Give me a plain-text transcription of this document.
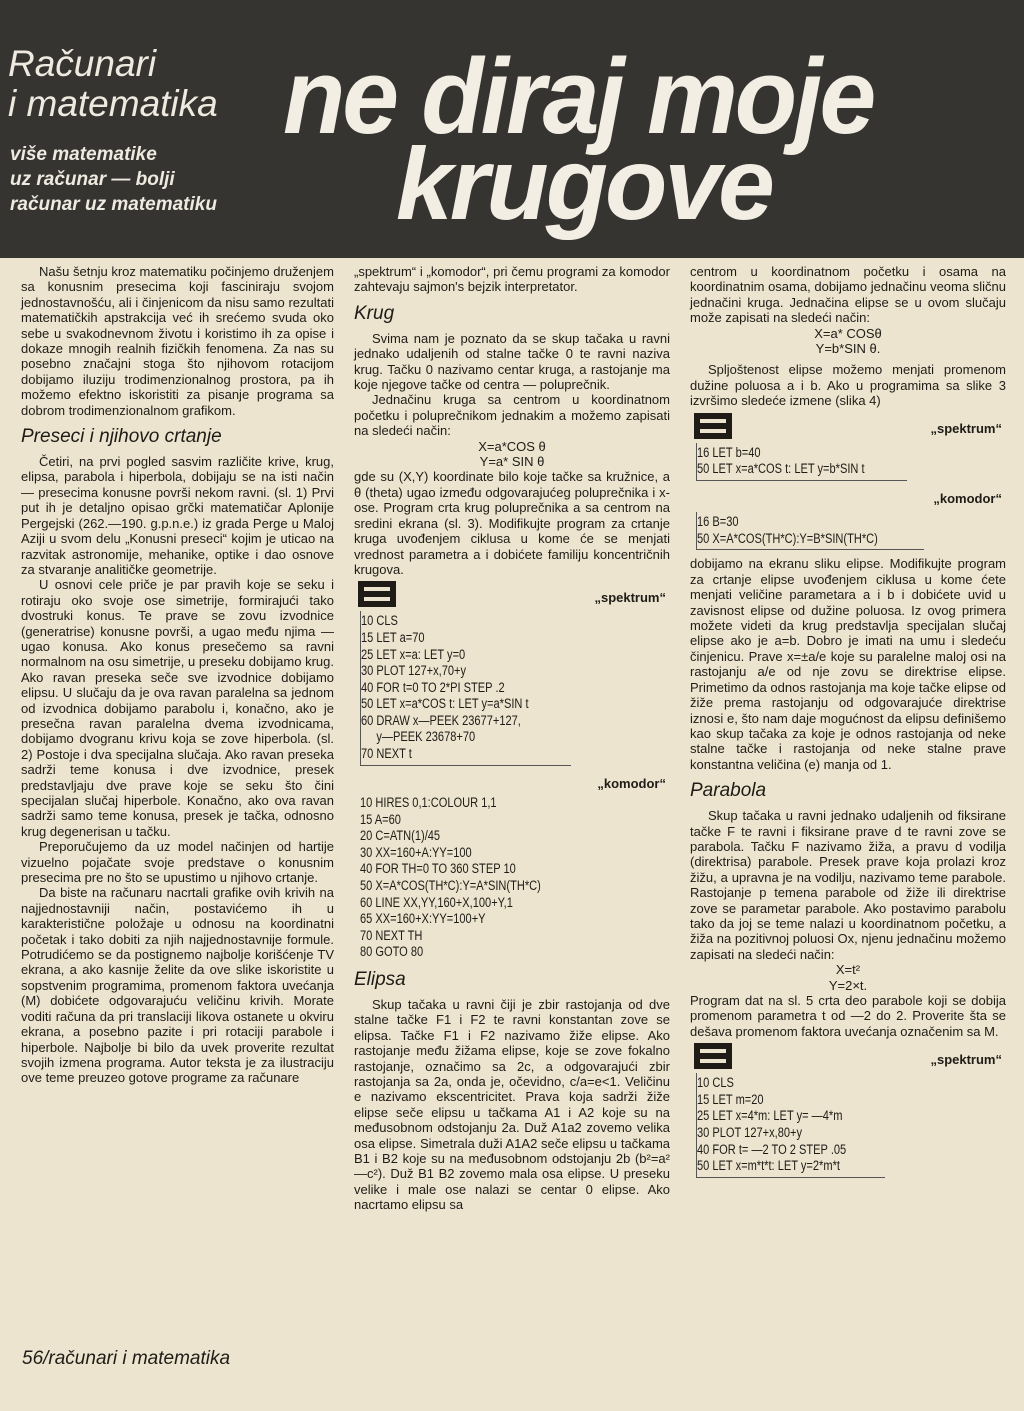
Računari
i matematika
više matematike
uz računar — bolji
računar uz matematiku
ne diraj moje
krugove

Našu šetnju kroz matematiku počinjemo druženjem sa konusnim presecima koji fasciniraju svojom jednostavnošću, ali i činjenicom da nisu samo rezultati matematičkih apstrakcija već ih srećemo svuda oko sebe u svakodnevnom životu i koristimo ih za opise i dokaze mnogih realnih fizičkih fenomena. Za nas su posebno značajni stoga što njihovom rotacijom dobijamo iluziju trodimenzionalnog prostora, pa ih možemo efektno iskoristiti za pisanje programa sa dobrom trodimenzionalnom grafikom.

Preseci i njihovo crtanje

Četiri, na prvi pogled sasvim različite krive, krug, elipsa, parabola i hiperbola, dobijaju se na isti način — presecima konusne površi nekom ravni. (sl. 1) Prvi put ih je detaljno opisao grčki matematičar Aplonije Pergejski (262.—190. g.p.n.e.) iz grada Perge u Maloj Aziji u svom delu „Konusni preseci“ kojim je uticao na razvitak astronomije, mehanike, optike i dao osnove za stvaranje analitičke geometrije.

U osnovi cele priče je par pravih koje se seku i rotiraju oko svoje ose simetrije, formirajući tako dvostruki konus. Te prave se zovu izvodnice (generatrise) konusne površi, a ugao među njima — ugao konusa. Ako konus presečemo sa ravni normalnom na osu simetrije, u preseku dobijamo krug. Ako ravan preseka seče sve izvodnice dobijamo elipsu. U slučaju da je ova ravan paralelna sa jednom od izvodnica dobijamo parabolu i, konačno, ako je presečna ravan paralelna dvema izvodnicama, dobijamo dvogranu krivu koja se zove hiperbola. (sl. 2) Postoje i dva specijalna slučaja. Ako ravan preseka sadrži teme konusa i dve izvodnice, presek predstavljaju dve prave koje se seku što čini specijalan slučaj hiperbole. Konačno, ako ova ravan sadrži samo teme konusa, presek je tačka, odnosno krug degenerisan u tačku.

Preporučujemo da uz model načinjen od hartije vizuelno pojačate svoje predstave o konusnim presecima pre no što se upustimo u njihovo crtanje.

Da biste na računaru nacrtali grafike ovih krivih na najjednostavniji način, postavićemo ih u karakteristične položaje u odnosu na koordinatni početak i tako dobiti za njih najjednostavnije formule. Potrudićemo se da postignemo najbolje korišćenje TV ekrana, a ako kasnije želite da ove slike iskoristite u sopstvenim programima, promenom faktora uvećanja (M) dobićete odgovarajuću veličinu krivih. Morate voditi računa da pri translaciji likova ostanete u okviru ekrana, a posebno pazite i pri rotaciji parabole i hiperbole. Najbolje bi bilo da uvek proverite rezultat svojih izmena programa. Autor teksta je za ilustraciju ove teme preuzeo gotove programe za računare

„spektrum“ i „komodor“, pri čemu programi za komodor zahtevaju sajmon's bejzik interpretator.

Krug

Svima nam je poznato da se skup tačaka u ravni jednako udaljenih od stalne tačke 0 te ravni naziva krug. Tačku 0 nazivamo centar kruga, a rastojanje ma koje njegove tačke od centra — poluprečnik.

Jednačinu kruga sa centrom u koordinatnom početku i poluprečnikom jednakim a možemo zapisati na sledeći način:

X=a*COS θ

Y=a* SIN θ

gde su (X,Y) koordinate bilo koje tačke sa kružnice, a θ (theta) ugao između odgovarajućeg poluprečnika i x-ose. Program crta krug poluprečnika a sa centrom na sredini ekrana (sl. 3). Modifikujte program za crtanje kruga uvođenjem ciklusa u kome će se menjati vrednost parametra a i dobićete familiju koncentričnih krugova.

„spektrum“
10 CLS
15 LET a=70
25 LET x=a: LET y=0
30 PLOT 127+x,70+y
40 FOR t=0 TO 2*PI STEP .2
50 LET x=a*COS t: LET y=a*SIN t
60 DRAW x—PEEK 23677+127,
y—PEEK 23678+70
70 NEXT t
„komodor“
10 HIRES 0,1:COLOUR 1,1
15 A=60
20 C=ATN(1)/45
30 XX=160+A:YY=100
40 FOR TH=0 TO 360 STEP 10
50 X=A*COS(TH*C):Y=A*SIN(TH*C)
60 LINE XX,YY,160+X,100+Y,1
65 XX=160+X:YY=100+Y
70 NEXT TH
80 GOTO 80
Elipsa

Skup tačaka u ravni čiji je zbir rastojanja od dve stalne tačke F1 i F2 te ravni konstantan zove se elipsa. Tačke F1 i F2 nazivamo žiže elipse. Ako rastojanje među žižama elipse, koje se zove fokalno rastojanje, označimo sa 2c, a odgovarajući zbir rastojanja sa 2a, onda je, očevidno, c/a=e<1. Veličinu e nazivamo ekscentricitet. Prava koja sadrži žiže elipse seče elipsu u tačkama A1 i A2 koje su na međusobnom odstojanju 2a. Duž A1a2 zovemo velika osa elipse. Simetrala duži A1A2 seče elipsu u tačkama B1 i B2 koje su na međusobnom odstojanju 2b (b²=a²—c²). Duž B1 B2 zovemo mala osa elipse. U preseku velike i male ose nalazi se centar 0 elipse. Ako nacrtamo elipsu sa

centrom u koordinatnom početku i osama na koordinatnim osama, dobijamo jednačinu veoma sličnu jednačini kruga. Jednačina elipse se u ovom slučaju može zapisati na sledeći način:

X=a* COSθ

Y=b*SIN θ.

Spljoštenost elipse možemo menjati promenom dužine poluosa a i b. Ako u programima sa slike 3 izvršimo sledeće izmene (slika 4)

„spektrum“
16 LET b=40
50 LET x=a*COS t: LET y=b*SIN t
„komodor“
16 B=30
50 X=A*COS(TH*C):Y=B*SIN(TH*C)

dobijamo na ekranu sliku elipse. Modifikujte program za crtanje elipse uvođenjem ciklusa u kome ćete menjati veličine parametara a i b i dobićete uvid u zavisnost elipse od dužine poluosa. Iz ovog primera možete videti da krug predstavlja specijalan slučaj elipse ako je a=b. Dobro je imati na umu i sledeću činjenicu. Prave x=±a/e koje su paralelne maloj osi na rastojanju a/e od nje zovu se direktrise elipse. Primetimo da odnos rastojanja ma koje tačke elipse od žiže prema rastojanju od odgovarajuće direktrise iznosi e, što nam daje mogućnost da elipsu definišemo kao skup tačaka za koje je odnos rastojanja od neke stalne tačke i rastojanja od neke stalne prave konstantna veličina (e) manja od 1.

Parabola

Skup tačaka u ravni jednako udaljenih od fiksirane tačke F te ravni i fiksirane prave d te ravni zove se parabola. Tačku F nazivamo žiža, a pravu d vodilja (direktrisa) parabole. Presek prave koja prolazi kroz žižu, a upravna je na vodilju, nazivamo teme parabole. Rastojanje p temena parabole od žiže ili direktrise zove se parametar parabole. Ako postavimo parabolu tako da joj se teme nalazi u koordinatnom početku, a žiža na pozitivnoj poluosi Ox, njenu jednačinu možemo zapisati na sledeći način:

X=t²

Y=2×t.

Program dat na sl. 5 crta deo parabole koji se dobija promenom parametra t od —2 do 2. Proverite šta se dešava promenom faktora uvećanja označenim sa M.

„spektrum“
10 CLS
15 LET m=20
25 LET x=4*m: LET y= —4*m
30 PLOT 127+x,80+y
40 FOR t= —2 TO 2 STEP .05
50 LET x=m*t*t: LET y=2*m*t
56/računari i matematika
